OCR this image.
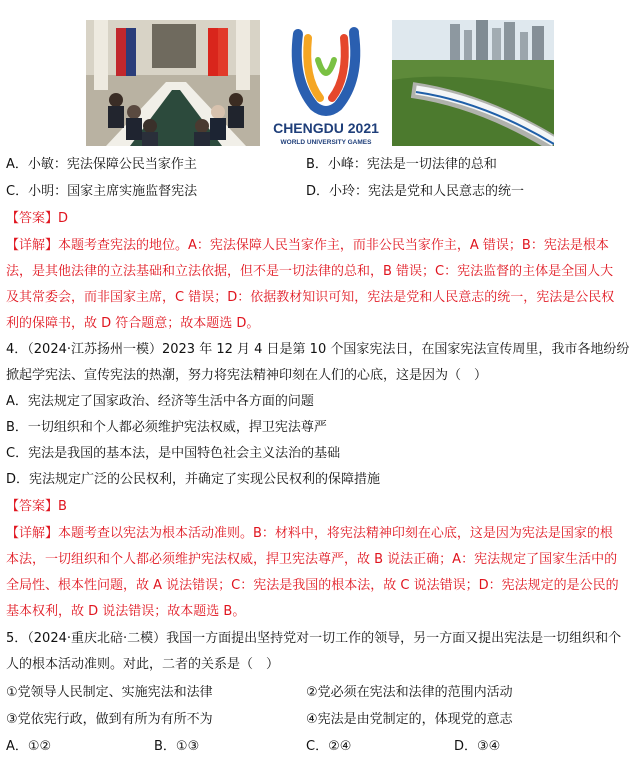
CHENGDU 2021
WORLD UNIVERSITY GAMES
A．小敏：宪法保障公民当家作主	B．小峰：宪法是一切法律的总和
C．小明：国家主席实施监督宪法	D．小玲：宪法是党和人民意志的统一
【答案】D
【详解】本题考查宪法的地位。A：宪法保障人民当家作主，而非公民当家作主，A 错误；B：宪法是根本
法，是其他法律的立法基础和立法依据，但不是一切法律的总和，B 错误；C：宪法监督的主体是全国人大
及其常委会，而非国家主席，C 错误；D：依据教材知识可知，宪法是党和人民意志的统一，宪法是公民权
利的保障书，故 D 符合题意；故本题选 D。
4．（2024·江苏扬州一模）2023 年 12 月 4 日是第 10 个国家宪法日，在国家宪法宣传周里，我市各地纷纷
掀起学宪法、宣传宪法的热潮，努力将宪法精神印刻在人们的心底，这是因为（　）
A．宪法规定了国家政治、经济等生活中各方面的问题
B．一切组织和个人都必须维护宪法权威，捍卫宪法尊严
C．宪法是我国的基本法，是中国特色社会主义法治的基础
D．宪法规定广泛的公民权利，并确定了实现公民权利的保障措施
【答案】B
【详解】本题考查以宪法为根本活动准则。B：材料中，将宪法精神印刻在心底，这是因为宪法是国家的根
本法，一切组织和个人都必须维护宪法权威，捍卫宪法尊严，故 B 说法正确；A：宪法规定了国家生活中的
全局性、根本性问题，故 A 说法错误；C：宪法是我国的根本法，故 C 说法错误；D：宪法规定的是公民的
基本权利，故 D 说法错误；故本题选 B。
5．（2024·重庆北碚·二模）我国一方面提出坚持党对一切工作的领导，另一方面又提出宪法是一切组织和个
人的根本活动准则。对此，二者的关系是（　）
①党领导人民制定、实施宪法和法律	②党必须在宪法和法律的范围内活动
③党依宪行政，做到有所为有所不为	④宪法是由党制定的，体现党的意志
A．①②	B．①③	C．②④	D．③④
